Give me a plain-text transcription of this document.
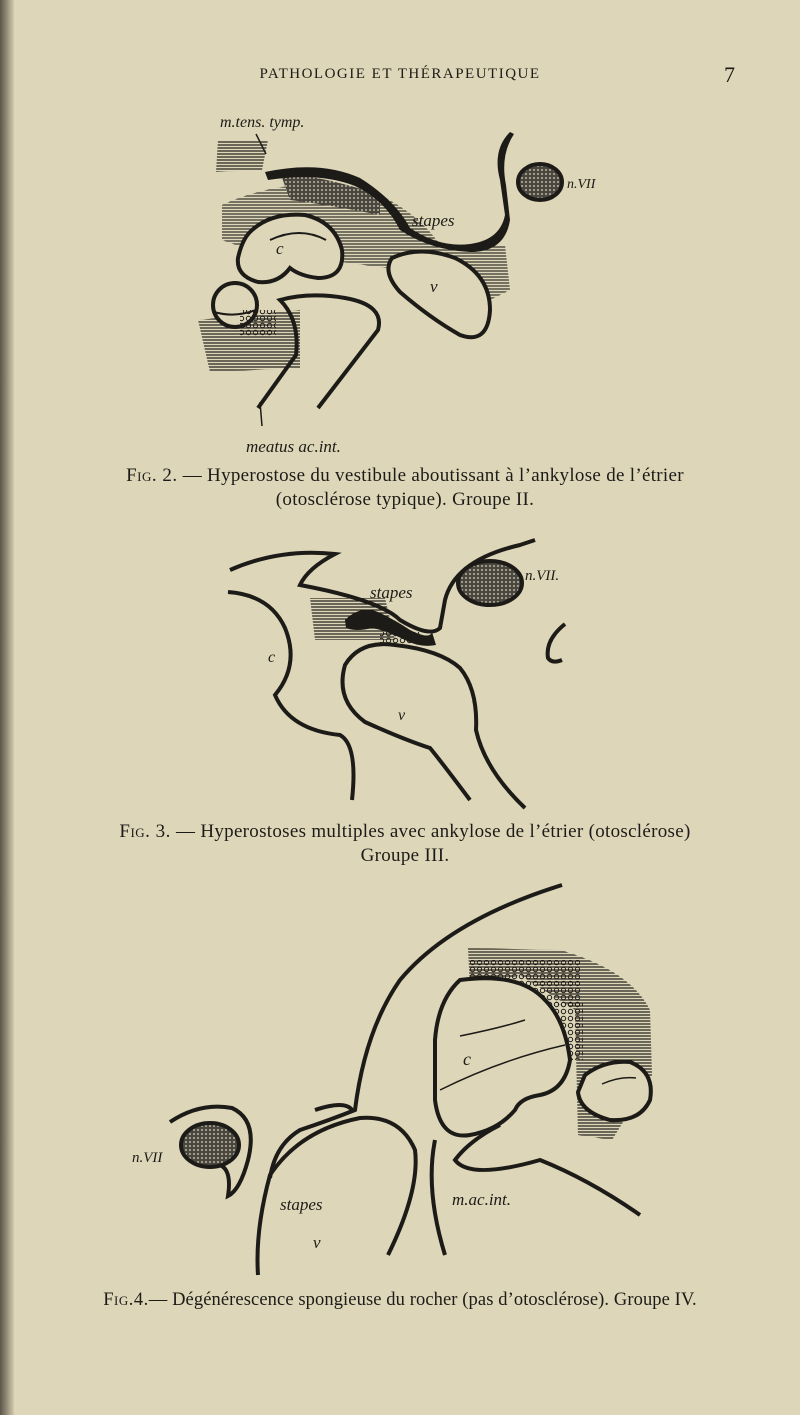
PATHOLOGIE ET THÉRAPEUTIQUE	7
m.tens. tymp.
n.VII
stapes
c
v
meatus ac.int.
Fig. 2. — Hyperostose du vestibule aboutissant à l’ankylose de l’étrier
(otosclérose typique). Groupe II.
stapes
n.VII.
c
v
Fig. 3. — Hyperostoses multiples avec ankylose de l’étrier (otosclérose)
Groupe III.
n.VII
stapes
v
c
m.ac.int.
Fig.4.— Dégénérescence spongieuse du rocher (pas d’otosclérose). Groupe IV.
